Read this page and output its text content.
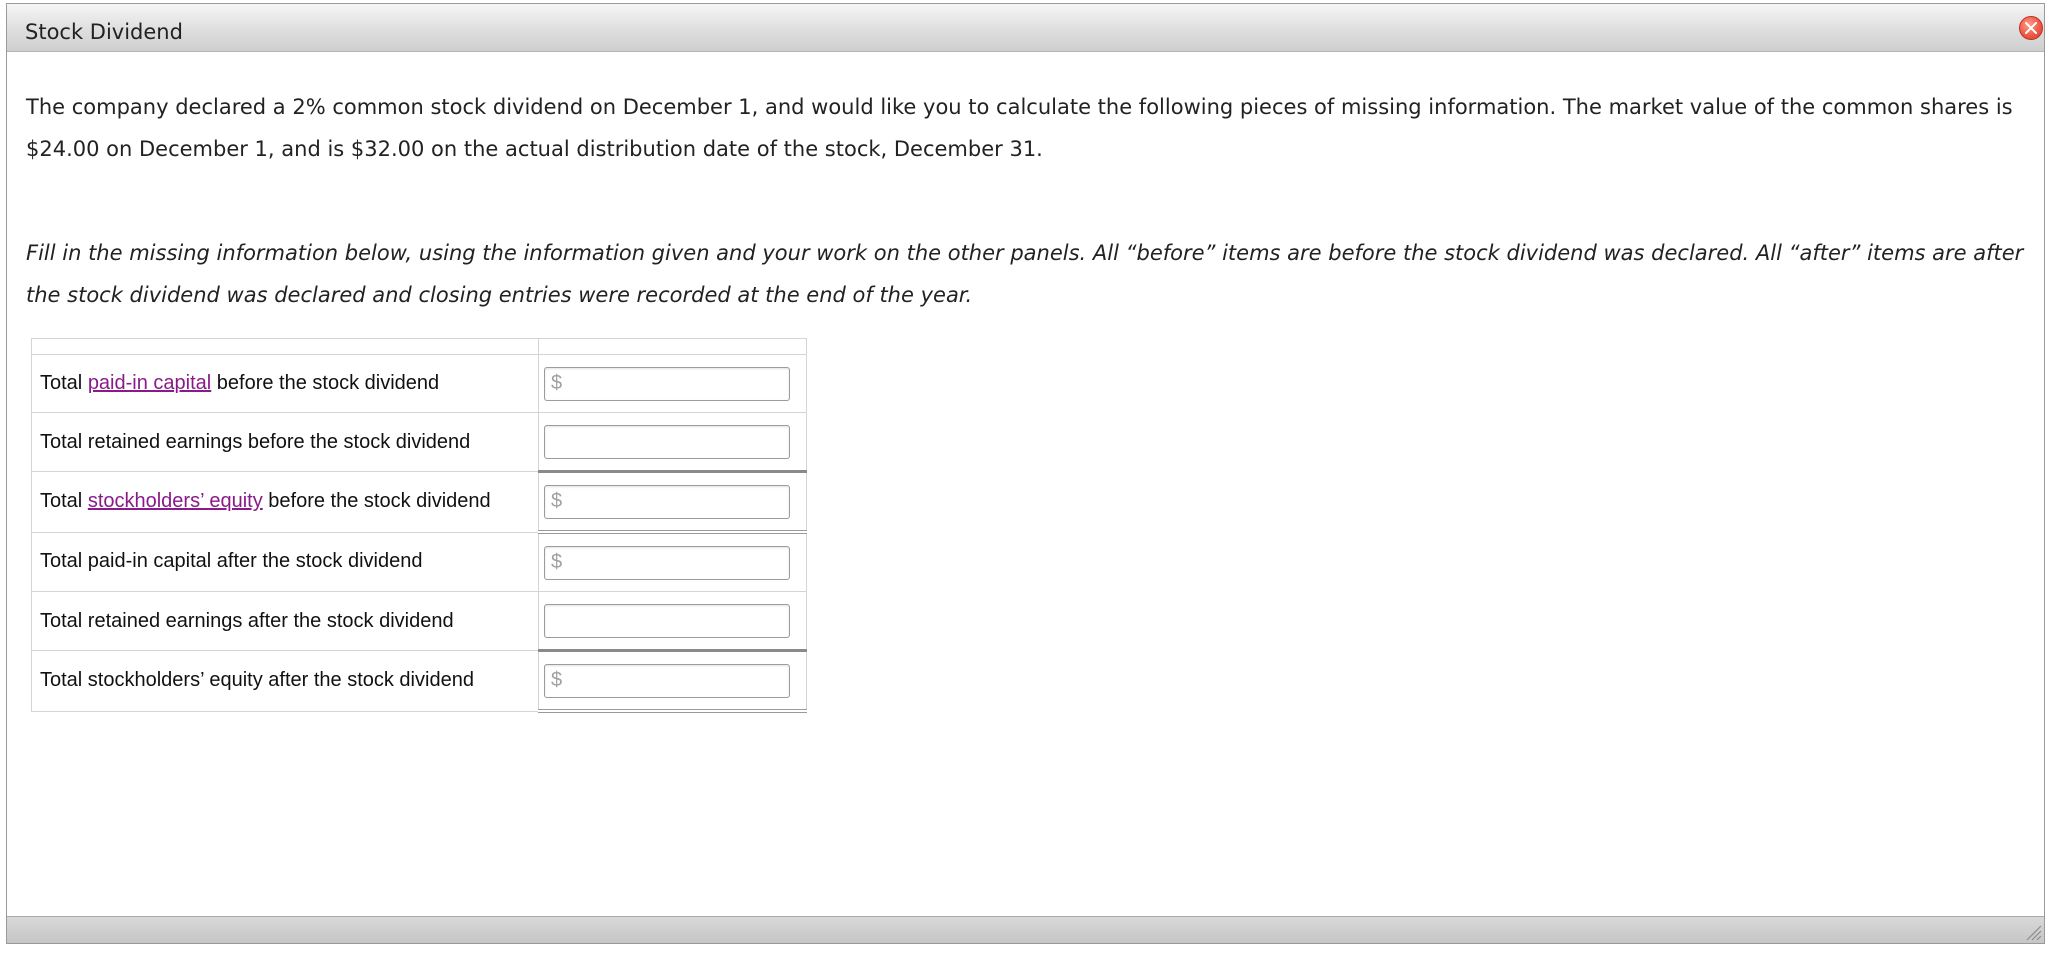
Stock Dividend

The company declared a 2% common stock dividend on December 1, and would like you to calculate the following pieces of missing information. The market value of the common shares is $24.00 on December 1, and is $32.00 on the actual distribution date of the stock, December 31.

Fill in the missing information below, using the information given and your work on the other panels. All “before” items are before the stock dividend was declared. All “after” items are after the stock dividend was declared and closing entries were recorded at the end of the year.

Total paid-in capital before the stock dividend	
$

Total retained earnings before the stock dividend	

Total stockholders’ equity before the stock dividend	
$

Total paid-in capital after the stock dividend	
$

Total retained earnings after the stock dividend	

Total stockholders’ equity after the stock dividend	
$
